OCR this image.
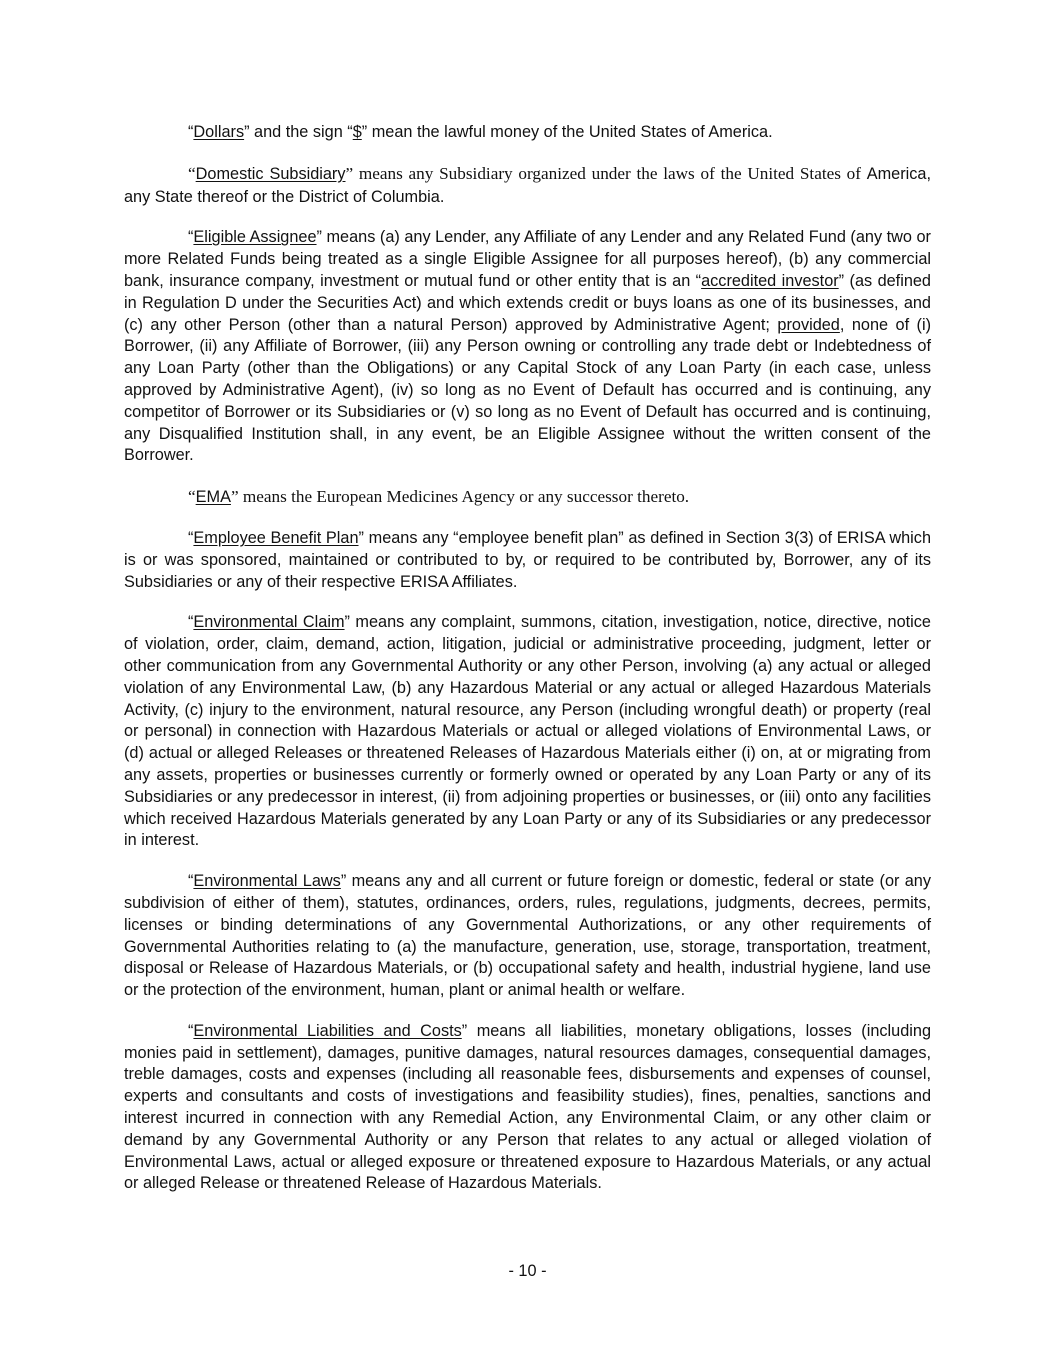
“Dollars” and the sign “$” mean the lawful money of the United States of America.

“Domestic Subsidiary” means any Subsidiary organized under the laws of the United States of America, any State thereof or the District of Columbia.

“Eligible Assignee” means (a) any Lender, any Affiliate of any Lender and any Related Fund (any two or more Related Funds being treated as a single Eligible Assignee for all purposes hereof), (b) any commercial bank, insurance company, investment or mutual fund or other entity that is an “accredited investor” (as defined in Regulation D under the Securities Act) and which extends credit or buys loans as one of its businesses, and (c) any other Person (other than a natural Person) approved by Administrative Agent; provided, none of (i) Borrower, (ii) any Affiliate of Borrower, (iii) any Person owning or controlling any trade debt or Indebtedness of any Loan Party (other than the Obligations) or any Capital Stock of any Loan Party (in each case, unless approved by Administrative Agent), (iv) so long as no Event of Default has occurred and is continuing, any competitor of Borrower or its Subsidiaries or (v) so long as no Event of Default has occurred and is continuing, any Disqualified Institution shall, in any event, be an Eligible Assignee without the written consent of the Borrower.

“EMA” means the European Medicines Agency or any successor thereto.

“Employee Benefit Plan” means any “employee benefit plan” as defined in Section 3(3) of ERISA which is or was sponsored, maintained or contributed to by, or required to be contributed by, Borrower, any of its Subsidiaries or any of their respective ERISA Affiliates.

“Environmental Claim” means any complaint, summons, citation, investigation, notice, directive, notice of violation, order, claim, demand, action, litigation, judicial or administrative proceeding, judgment, letter or other communication from any Governmental Authority or any other Person, involving (a) any actual or alleged violation of any Environmental Law, (b) any Hazardous Material or any actual or alleged Hazardous Materials Activity, (c) injury to the environment, natural resource, any Person (including wrongful death) or property (real or personal) in connection with Hazardous Materials or actual or alleged violations of Environmental Laws, or (d) actual or alleged Releases or threatened Releases of Hazardous Materials either (i) on, at or migrating from any assets, properties or businesses currently or formerly owned or operated by any Loan Party or any of its Subsidiaries or any predecessor in interest, (ii) from adjoining properties or businesses, or (iii) onto any facilities which received Hazardous Materials generated by any Loan Party or any of its Subsidiaries or any predecessor in interest.

“Environmental Laws” means any and all current or future foreign or domestic, federal or state (or any subdivision of either of them), statutes, ordinances, orders, rules, regulations, judgments, decrees, permits, licenses or binding determinations of any Governmental Authorizations, or any other requirements of Governmental Authorities relating to (a) the manufacture, generation, use, storage, transportation, treatment, disposal or Release of Hazardous Materials, or (b) occupational safety and health, industrial hygiene, land use or the protection of the environment, human, plant or animal health or welfare.

“Environmental Liabilities and Costs” means all liabilities, monetary obligations, losses (including monies paid in settlement), damages, punitive damages, natural resources damages, consequential damages, treble damages, costs and expenses (including all reasonable fees, disbursements and expenses of counsel, experts and consultants and costs of investigations and feasibility studies), fines, penalties, sanctions and interest incurred in connection with any Remedial Action, any Environmental Claim, or any other claim or demand by any Governmental Authority or any Person that relates to any actual or alleged violation of Environmental Laws, actual or alleged exposure or threatened exposure to Hazardous Materials, or any actual or alleged Release or threatened Release of Hazardous Materials.

- 10 -
